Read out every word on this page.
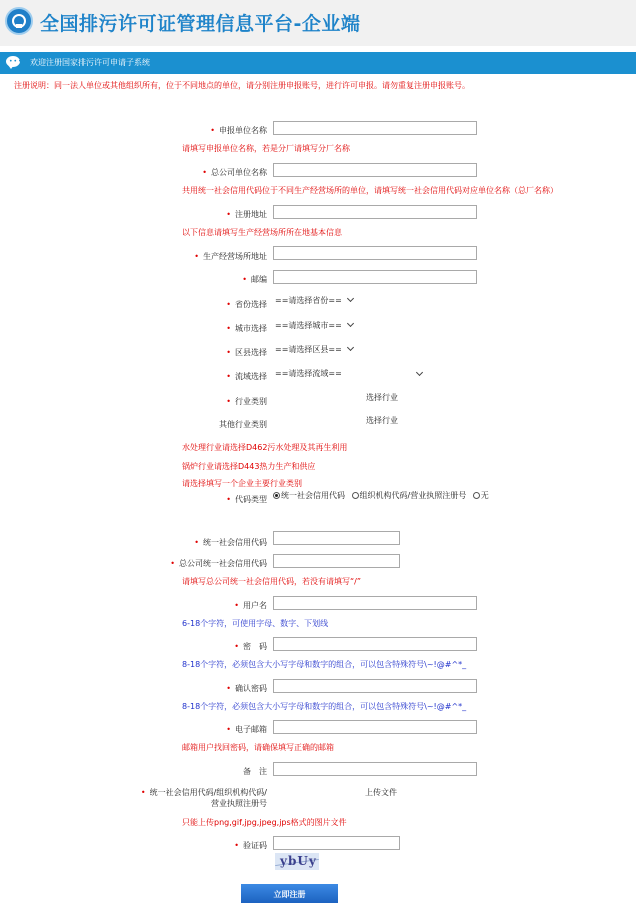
全国排污许可证管理信息平台-企业端
••• 欢迎注册国家排污许可申请子系统
注册说明：同一法人单位或其他组织所有，位于不同地点的单位，请分别注册申报账号，进行许可申报。请勿重复注册申报账号。
• 申报单位名称
请填写申报单位名称，若是分厂请填写分厂名称
• 总公司单位名称
共用统一社会信用代码位于不同生产经营场所的单位，请填写统一社会信用代码对应单位名称（总厂名称）
• 注册地址
以下信息请填写生产经营场所所在地基本信息
• 生产经营场所地址
• 邮编
• 省份选择 ==请选择省份==
• 城市选择 ==请选择城市==
• 区县选择 ==请选择区县==
• 流域选择 ==请选择流域==
• 行业类别	选择行业
其他行业类别	选择行业
水处理行业请选择D462污水处理及其再生利用
锅炉行业请选择D443热力生产和供应
请选择填写一个企业主要行业类别
• 代码类型	统一社会信用代码 组织机构代码/营业执照注册号 无
• 统一社会信用代码
• 总公司统一社会信用代码
请填写总公司统一社会信用代码，若没有请填写“/”
• 用户名
6-18个字符，可使用字母、数字、下划线
• 密　码
8-18个字符，必须包含大小写字母和数字的组合，可以包含特殊符号\~!@#^*_
• 确认密码
8-18个字符，必须包含大小写字母和数字的组合，可以包含特殊符号\~!@#^*_
• 电子邮箱
邮箱用户找回密码，请确保填写正确的邮箱
备　注
• 统一社会信用代码/组织机构代码/
营业执照注册号
上传文件
只能上传png,gif,jpg,jpeg,jps格式的图片文件
• 验证码
ybUy
立即注册
